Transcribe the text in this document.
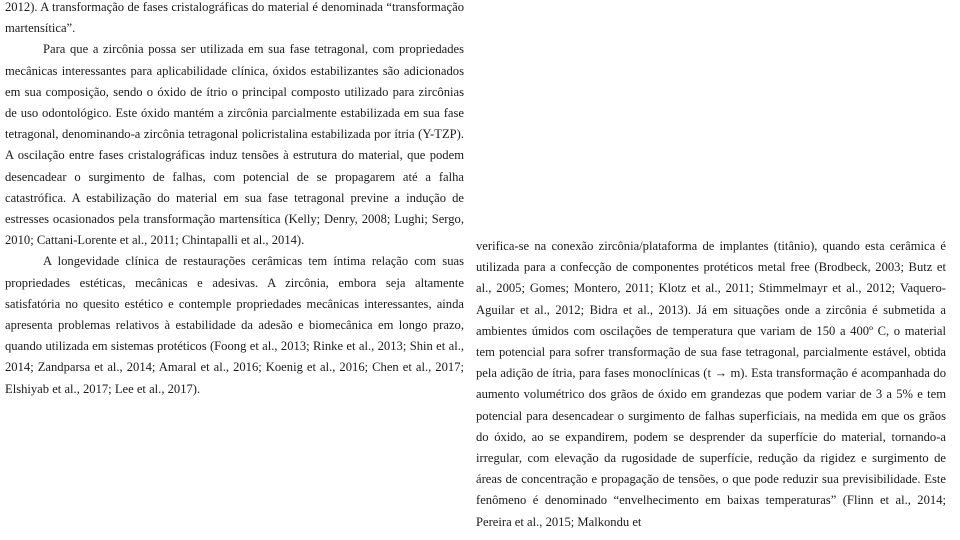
2012). A transformação de fases cristalográficas do material é denominada “transformação martensítica”.

Para que a zircônia possa ser utilizada em sua fase tetragonal, com propriedades mecânicas interessantes para aplicabilidade clínica, óxidos estabilizantes são adicionados em sua composição, sendo o óxido de ítrio o principal composto utilizado para zircônias de uso odontológico. Este óxido mantém a zircônia parcialmente estabilizada em sua fase tetragonal, denominando-a zircônia tetragonal policristalina estabilizada por ítria (Y-TZP). A oscilação entre fases cristalográficas induz tensões à estrutura do material, que podem desencadear o surgimento de falhas, com potencial de se propagarem até a falha catastrófica. A estabilização do material em sua fase tetragonal previne a indução de estresses ocasionados pela transformação martensítica (Kelly; Denry, 2008; Lughi; Sergo, 2010; Cattani-Lorente et al., 2011; Chintapalli et al., 2014).

A longevidade clínica de restaurações cerâmicas tem íntima relação com suas propriedades estéticas, mecânicas e adesivas. A zircônia, embora seja altamente satisfatória no quesito estético e contemple propriedades mecânicas interessantes, ainda apresenta problemas relativos à estabilidade da adesão e biomecânica em longo prazo, quando utilizada em sistemas protéticos (Foong et al., 2013; Rinke et al., 2013; Shin et al., 2014; Zandparsa et al., 2014; Amaral et al., 2016; Koenig et al., 2016; Chen et al., 2017; Elshiyab et al., 2017; Lee et al., 2017).

verifica-se na conexão zircônia/plataforma de implantes (titânio), quando esta cerâmica é utilizada para a confecção de componentes protéticos metal free (Brodbeck, 2003; Butz et al., 2005; Gomes; Montero, 2011; Klotz et al., 2011; Stimmelmayr et al., 2012; Vaquero-Aguilar et al., 2012; Bidra et al., 2013). Já em situações onde a zircônia é submetida a ambientes úmidos com oscilações de temperatura que variam de 150 a 400º C, o material tem potencial para sofrer transformação de sua fase tetragonal, parcialmente estável, obtida pela adição de ítria, para fases monoclínicas (t → m). Esta transformação é acompanhada do aumento volumétrico dos grãos de óxido em grandezas que podem variar de 3 a 5% e tem potencial para desencadear o surgimento de falhas superficiais, na medida em que os grãos do óxido, ao se expandirem, podem se desprender da superfície do material, tornando-a irregular, com elevação da rugosidade de superfície, redução da rigidez e surgimento de áreas de concentração e propagação de tensões, o que pode reduzir sua previsibilidade. Este fenômeno é denominado “envelhecimento em baixas temperaturas” (Flinn et al., 2014; Pereira et al., 2015; Malkondu et
